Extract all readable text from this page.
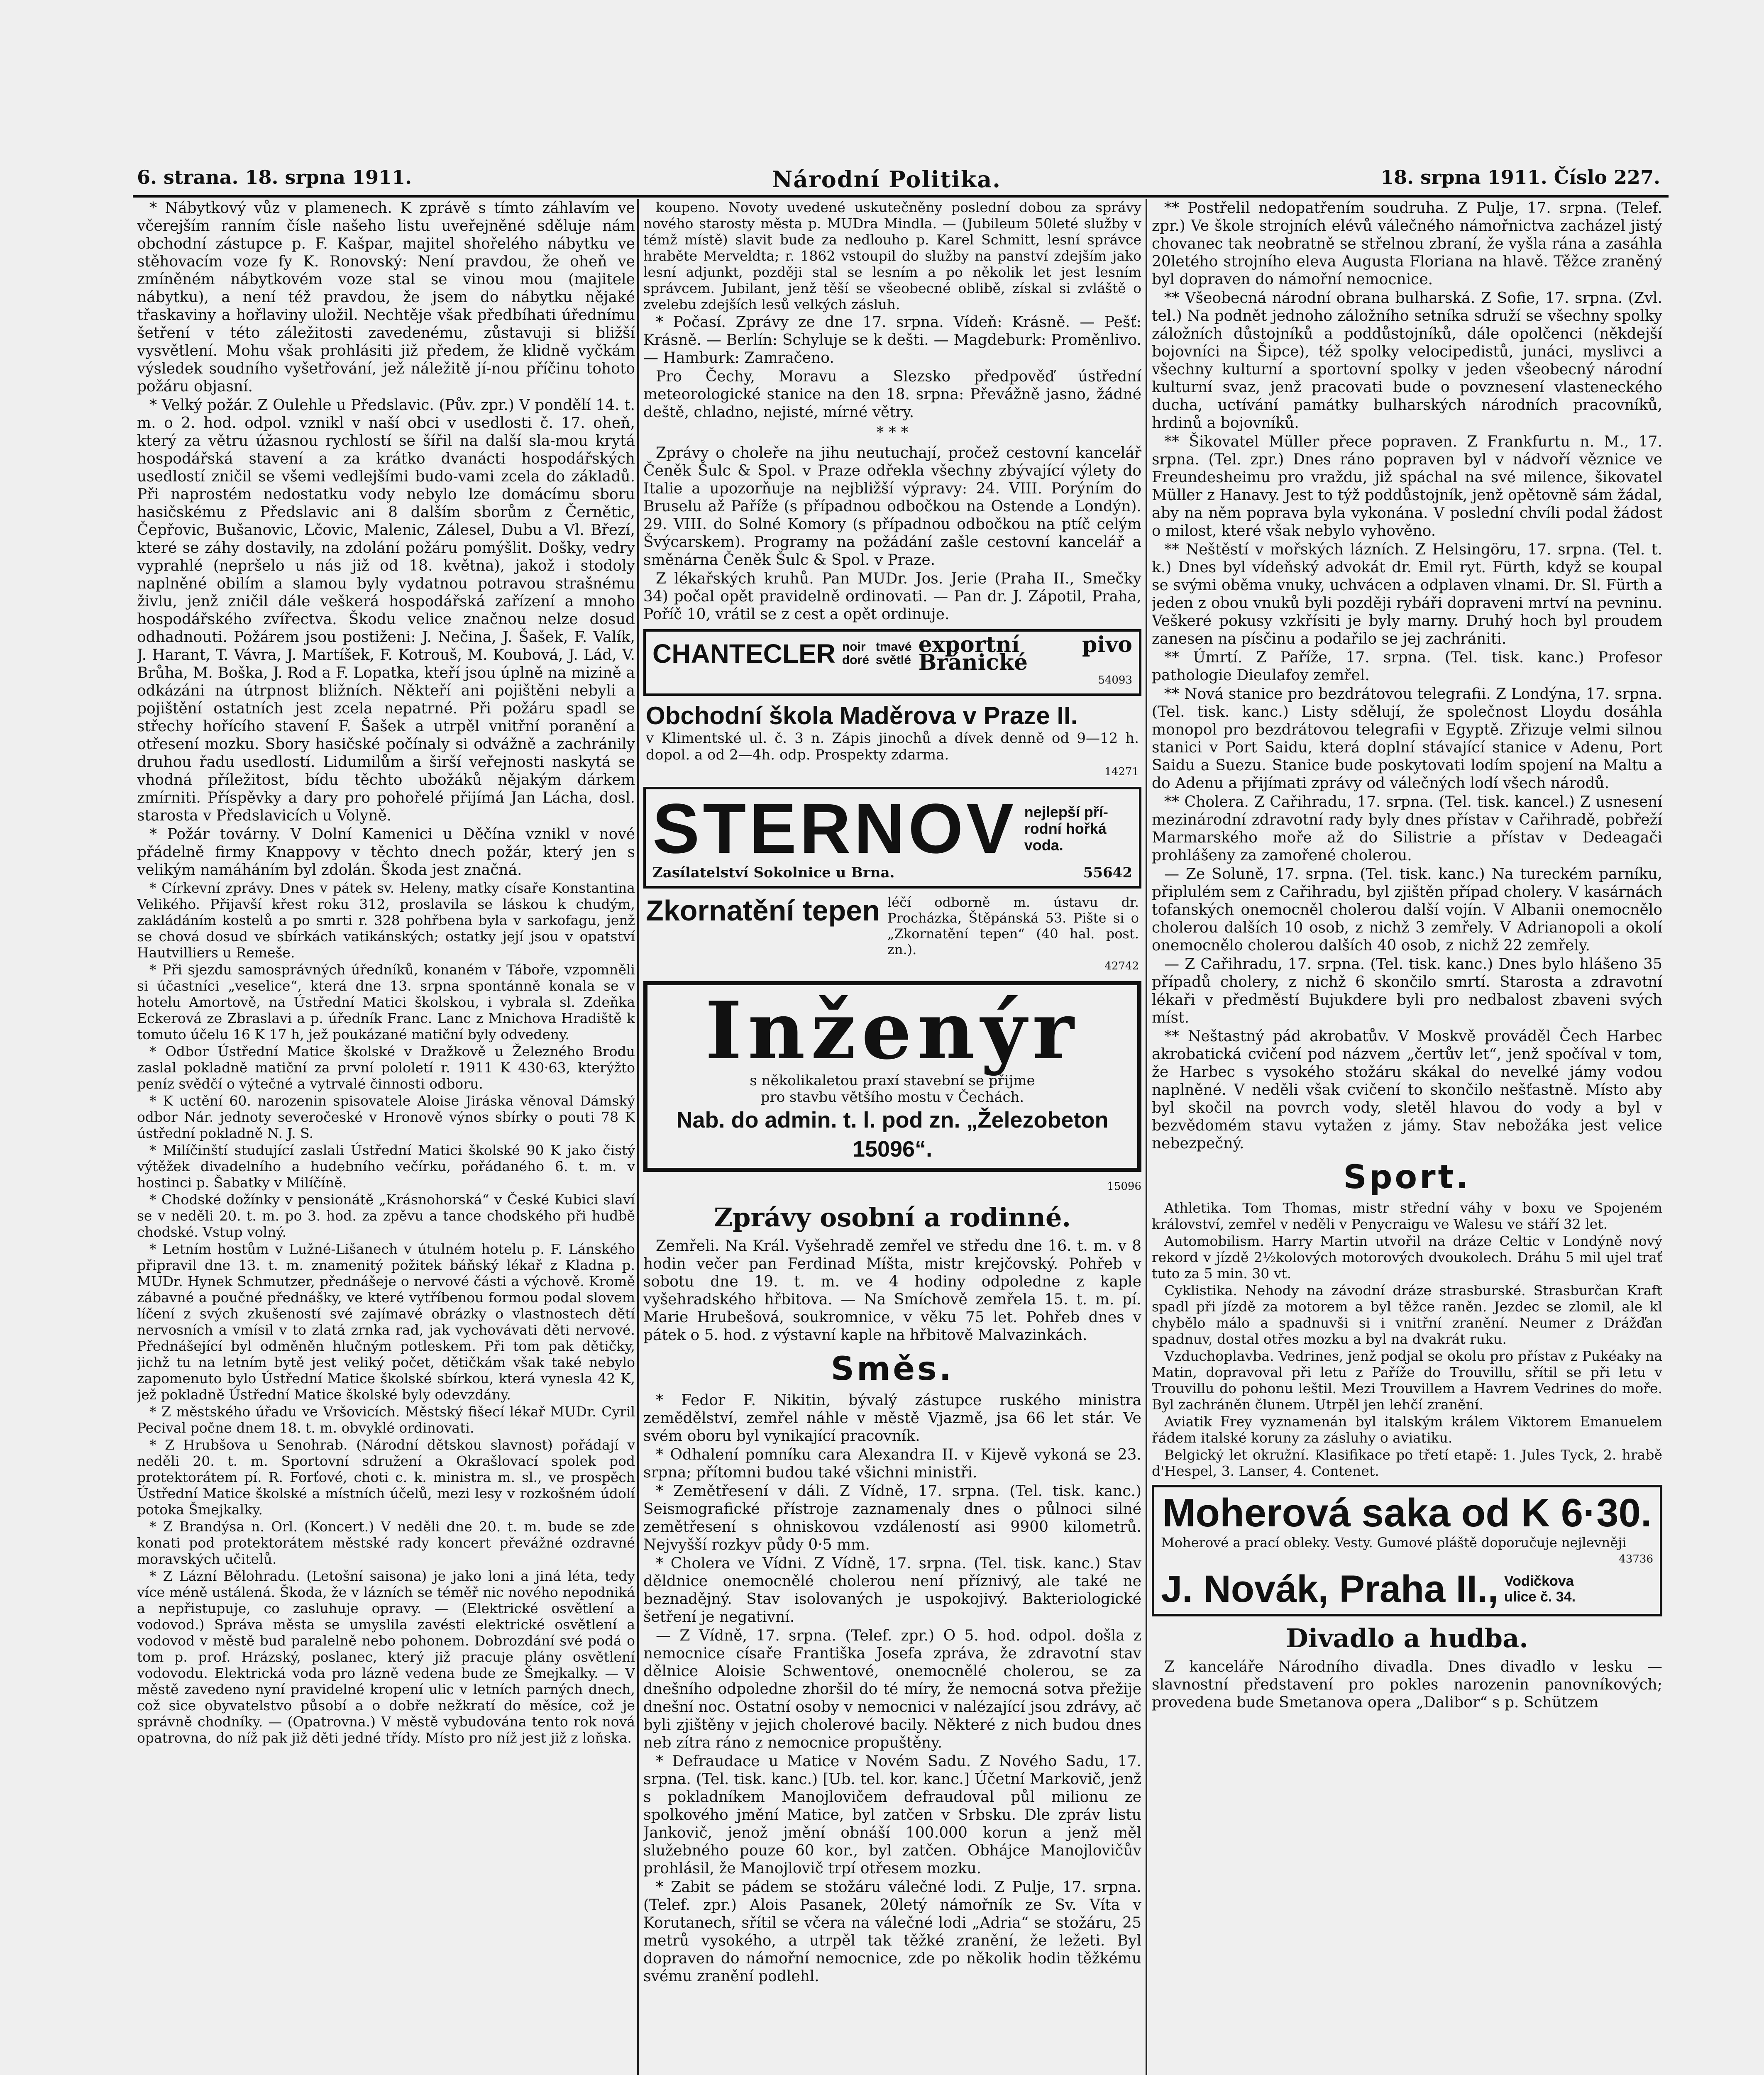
6. strana. 18. srpna 1911.	Národní Politika.	18. srpna 1911. Číslo 227.

* Nábytkový vůz v plamenech. K zprávě s tímto záhlavím ve včerejším ranním čísle našeho listu uveřejněné sděluje nám obchodní zástupce p. F. Kašpar, majitel shořelého nábytku ve stěhovacím voze fy K. Ronovský: Není pravdou, že oheň ve zmíněném nábytkovém voze stal se vinou mou (majitele nábytku), a není též pravdou, že jsem do nábytku nějaké třaskaviny a hořlaviny uložil. Nechtěje však předbíhati úřednímu šetření v této záležitosti zavedenému, zůstavuji si bližší vysvětlení. Mohu však prohlásiti již předem, že klidně vyčkám výsledek soudního vyšetřování, jež náležitě jí-nou příčinu tohoto požáru objasní.

* Velký požár. Z Oulehle u Předslavic. (Pův. zpr.) V pondělí 14. t. m. o 2. hod. odpol. vznikl v naší obci v usedlosti č. 17. oheň, který za větru úžasnou rychlostí se šířil na další sla-mou krytá hospodářská stavení a za krátko dvanácti hospodářských usedlostí zničil se všemi vedlejšími budo-vami zcela do základů. Při naprostém nedostatku vody nebylo lze domácímu sboru hasičskému z Předslavic ani 8 dalším sborům z Černětic, Čepřovic, Bušanovic, Lčovic, Malenic, Zálesel, Dubu a Vl. Březí, které se záhy dostavily, na zdolání požáru pomýšlit. Došky, vedry vyprahlé (nepršelo u nás již od 18. května), jakož i stodoly naplněné obilím a slamou byly vydatnou potravou strašnému živlu, jenž zničil dále veškerá hospodářská zařízení a mnoho hospodářského zvířectva. Škodu velice značnou nelze dosud odhadnouti. Požárem jsou postiženi: J. Nečina, J. Šašek, F. Valík, J. Harant, T. Vávra, J. Martíšek, F. Kotrouš, M. Koubová, J. Lád, V. Brůha, M. Boška, J. Rod a F. Lopatka, kteří jsou úplně na mizině a odkázáni na útrpnost bližních. Někteří ani pojištěni nebyli a pojištění ostatních jest zcela nepatrné. Při požáru spadl se střechy hořícího stavení F. Šašek a utrpěl vnitřní poranění a otřesení mozku. Sbory hasičské počínaly si odvážně a zachránily druhou řadu usedlostí. Lidumilům a širší veřejnosti naskytá se vhodná příležitost, bídu těchto ubožáků nějakým dárkem zmírniti. Příspěvky a dary pro pohořelé přijímá Jan Lácha, dosl. starosta v Předslavicích u Volyně.

* Požár továrny. V Dolní Kamenici u Děčína vznikl v nové přádelně firmy Knappovy v těchto dnech požár, který jen s velikým namáháním byl zdolán. Škoda jest značná.

* Církevní zprávy. Dnes v pátek sv. Heleny, matky císaře Konstantina Velikého. Přijavší křest roku 312, proslavila se láskou k chudým, zakládáním kostelů a po smrti r. 328 pohřbena byla v sarkofagu, jenž se chová dosud ve sbírkách vatikánských; ostatky její jsou v opatství Hautvilliers u Remeše.

* Při sjezdu samosprávných úředníků, konaném v Táboře, vzpomněli si účastníci „veselice“, která dne 13. srpna spontánně konala se v hotelu Amortově, na Ústřední Matici školskou, i vybrala sl. Zdeňka Eckerová ze Zbraslavi a p. úředník Franc. Lanc z Mnichova Hradiště k tomuto účelu 16 K 17 h, jež poukázané matiční byly odvedeny.

* Odbor Ústřední Matice školské v Dražkově u Železného Brodu zaslal pokladně matiční za první pololetí r. 1911 K 430·63, kterýžto peníz svědčí o výtečné a vytrvalé činnosti odboru.

* K uctění 60. narozenin spisovatele Aloise Jiráska věnoval Dámský odbor Nár. jednoty severočeské v Hronově výnos sbírky o pouti 78 K ústřední pokladně N. J. S.

* Milíčinští studující zaslali Ústřední Matici školské 90 K jako čistý výtěžek divadelního a hudebního večírku, pořádaného 6. t. m. v hostinci p. Šabatky v Milíčíně.

* Chodské dožínky v pensionátě „Krásnohorská“ v České Kubici slaví se v neděli 20. t. m. po 3. hod. za zpěvu a tance chodského při hudbě chodské. Vstup volný.

* Letním hostům v Lužné-Lišanech v útulném hotelu p. F. Lánského připravil dne 13. t. m. znamenitý požitek báňský lékař z Kladna p. MUDr. Hynek Schmutzer, přednášeje o nervové části a výchově. Kromě zábavné a poučné přednášky, ve které vytříbenou formou podal slovem líčení z svých zkušeností své zajímavé obrázky o vlastnostech dětí nervosních a vmísil v to zlatá zrnka rad, jak vychovávati děti nervové. Přednášející byl odměněn hlučným potleskem. Při tom pak dětičky, jichž tu na letním bytě jest veliký počet, dětičkám však také nebylo zapomenuto bylo Ústřední Matice školské sbírkou, která vynesla 42 K, jež pokladně Ústřední Matice školské byly odevzdány.

* Z městského úřadu ve Vršovicích. Městský fišecí lékař MUDr. Cyril Pecival počne dnem 18. t. m. obvyklé ordinovati.

* Z Hrubšova u Senohrab. (Národní dětskou slavnost) pořádají v neděli 20. t. m. Sportovní sdružení a Okrašlovací spolek pod protektorátem pí. R. Forťové, choti c. k. ministra m. sl., ve prospěch Ústřední Matice školské a místních účelů, mezi lesy v rozkošném údolí potoka Šmejkalky.

* Z Brandýsa n. Orl. (Koncert.) V neděli dne 20. t. m. bude se zde konati pod protektorátem městské rady koncert převážné ozdravné moravských učitelů.

* Z Lázní Bělohradu. (Letošní saisona) je jako loni a jiná léta, tedy více méně ustálená. Škoda, že v lázních se téměř nic nového nepodniká a nepřistupuje, co zasluhuje opravy. — (Elektrické osvětlení a vodovod.) Správa města se umyslila zavésti elektrické osvětlení a vodovod v městě bud paralelně nebo pohonem. Dobrozdání své podá o tom p. prof. Hrázský, poslanec, který již pracuje plány osvětlení vodovodu. Elektrická voda pro lázně vedena bude ze Šmejkalky. — V městě zavedeno nyní pravidelné kropení ulic v letních parných dnech, což sice obyvatelstvo působí a o dobře nežkratí do měsíce, což je správně chodníky. — (Opatrovna.) V městě vybudována tento rok nová opatrovna, do níž pak již děti jedné třídy. Místo pro níž jest již z loňska.

koupeno. Novoty uvedené uskutečněny poslední dobou za správy nového starosty města p. MUDra Mindla. — (Jubileum 50leté služby v témž místě) slavit bude za nedlouho p. Karel Schmitt, lesní správce hraběte Merveldta; r. 1862 vstoupil do služby na panství zdejším jako lesní adjunkt, později stal se lesním a po několik let jest lesním správcem. Jubilant, jenž těší se všeobecné oblibě, získal si zvláště o zvelebu zdejších lesů velkých zásluh.

* Počasí. Zprávy ze dne 17. srpna. Vídeň: Krásně. — Pešť: Krásně. — Berlín: Schyluje se k dešti. — Magdeburk: Proměnlivo. — Hamburk: Zamračeno.

Pro Čechy, Moravu a Slezsko předpověď ústřední meteorologické stanice na den 18. srpna: Převážně jasno, žádné deště, chladno, nejisté, mírné větry.

* * *

Zprávy o choleře na jihu neutuchají, pročež cestovní kancelář Čeněk Šulc & Spol. v Praze odřekla všechny zbývající výlety do Italie a upozorňuje na nejbližší výpravy: 24. VIII. Porýním do Bruselu až Paříže (s případnou odbočkou na Ostende a Londýn). 29. VIII. do Solné Komory (s případnou odbočkou na ptíč celým Švýcarskem). Programy na požádání zašle cestovní kancelář a směnárna Čeněk Šulc & Spol. v Praze.

Z lékařských kruhů. Pan MUDr. Jos. Jerie (Praha II., Smečky 34) počal opět pravidelně ordinovati. — Pan dr. J. Zápotil, Praha, Poříč 10, vrátil se z cest a opět ordinuje.

CHANTECLER noir
doré
tmavé
světlé
exportní pivo Bránické
54093
Obchodní škola Maděrova v Praze II.
v Klimentské ul. č. 3 n. Zápis jinochů a dívek denně od 9—12 h. dopol. a od 2—4h. odp. Prospekty zdarma.
14271
STERNOV nejlepší pří-
rodní hořká
voda.
Zasílatelství Sokolnice u Brna.	55642
Zkornatění tepen léčí odborně m. ústavu dr. Procházka, Štěpánská 53. Pište si o „Zkornatění tepen“ (40 hal. post. zn.).
42742
Inženýr
s několikaletou praxí stavební se přijme
pro stavbu většího mostu v Čechách.
Nab. do admin. t. l. pod zn. „Železobeton 15096“.
15096
Zprávy osobní a rodinné.

Zemřeli. Na Král. Vyšehradě zemřel ve středu dne 16. t. m. v 8 hodin večer pan Ferdinad Míšta, mistr krejčovský. Pohřeb v sobotu dne 19. t. m. ve 4 hodiny odpoledne z kaple vyšehradského hřbitova. — Na Smíchově zemřela 15. t. m. pí. Marie Hrubešová, soukromnice, v věku 75 let. Pohřeb dnes v pátek o 5. hod. z výstavní kaple na hřbitově Malvazinkách.

Směs.

* Fedor F. Nikitin, bývalý zástupce ruského ministra zemědělství, zemřel náhle v městě Vjazmě, jsa 66 let stár. Ve svém oboru byl vynikající pracovník.

* Odhalení pomníku cara Alexandra II. v Kijevě vykoná se 23. srpna; přítomni budou také všichni ministři.

* Zemětřesení v dáli. Z Vídně, 17. srpna. (Tel. tisk. kanc.) Seismografické přístroje zaznamenaly dnes o půlnoci silné zemětřesení s ohniskovou vzdáleností asi 9900 kilometrů. Nejvyšší rozkyv půdy 0·5 mm.

* Cholera ve Vídni. Z Vídně, 17. srpna. (Tel. tisk. kanc.) Stav děldnice onemocnělé cholerou není příznivý, ale také ne beznadějný. Stav isolovaných je uspokojivý. Bakteriologické šetření je negativní.

— Z Vídně, 17. srpna. (Telef. zpr.) O 5. hod. odpol. došla z nemocnice císaře Františka Josefa zpráva, že zdravotní stav dělnice Aloisie Schwentové, onemocnělé cholerou, se za dnešního odpoledne zhoršil do té míry, že nemocná sotva přežije dnešní noc. Ostatní osoby v nemocnici v nalézající jsou zdrávy, ač byli zjištěny v jejich cholerové bacily. Některé z nich budou dnes neb zítra ráno z nemocnice propuštěny.

* Defraudace u Matice v Novém Sadu. Z Nového Sadu, 17. srpna. (Tel. tisk. kanc.) [Ub. tel. kor. kanc.] Účetní Markovič, jenž s pokladníkem Manojlovičem defraudoval půl milionu ze spolkového jmění Matice, byl zatčen v Srbsku. Dle zpráv listu Jankovič, jenož jmění obnáší 100.000 korun a jenž měl služebného pouze 60 kor., byl zatčen. Obhájce Manojlovičův prohlásil, že Manojlovič trpí otřesem mozku.

* Zabit se pádem se stožáru válečné lodi. Z Pulje, 17. srpna. (Telef. zpr.) Alois Pasanek, 20letý námořník ze Sv. Víta v Korutanech, sřítil se včera na válečné lodi „Adria“ se stožáru, 25 metrů vysokého, a utrpěl tak těžké zranění, že ležeti. Byl dopraven do námořní nemocnice, zde po několik hodin těžkému svému zranění podlehl.

** Postřelil nedopatřením soudruha. Z Pulje, 17. srpna. (Telef. zpr.) Ve škole strojních elévů válečného námořnictva zacházel jistý chovanec tak neobratně se střelnou zbraní, že vyšla rána a zasáhla 20letého strojního eleva Augusta Floriana na hlavě. Těžce zraněný byl dopraven do námořní nemocnice.

** Všeobecná národní obrana bulharská. Z Sofie, 17. srpna. (Zvl. tel.) Na podnět jednoho záložního setníka sdruží se všechny spolky záložních důstojníků a poddůstojníků, dále opolčenci (někdejší bojovníci na Šipce), též spolky velocipedistů, junáci, myslivci a všechny kulturní a sportovní spolky v jeden všeobecný národní kulturní svaz, jenž pracovati bude o povznesení vlasteneckého ducha, uctívání památky bulharských národních pracovníků, hrdinů a bojovníků.

** Šikovatel Müller přece popraven. Z Frankfurtu n. M., 17. srpna. (Tel. zpr.) Dnes ráno popraven byl v nádvoří věznice ve Freundesheimu pro vraždu, již spáchal na své milence, šikovatel Müller z Hanavy. Jest to týž poddůstojník, jenž opětovně sám žádal, aby na něm poprava byla vykonána. V poslední chvíli podal žádost o milost, které však nebylo vyhověno.

** Neštěstí v mořských lázních. Z Helsingöru, 17. srpna. (Tel. t. k.) Dnes byl vídeňský advokát dr. Emil ryt. Fürth, když se koupal se svými oběma vnuky, uchvácen a odplaven vlnami. Dr. Sl. Fürth a jeden z obou vnuků byli později rybáři dopraveni mrtví na pevninu. Veškeré pokusy vzkřísiti je byly marny. Druhý hoch byl proudem zanesen na písčinu a podařilo se jej zachrániti.

** Úmrtí. Z Paříže, 17. srpna. (Tel. tisk. kanc.) Profesor pathologie Dieulafoy zemřel.

** Nová stanice pro bezdrátovou telegrafii. Z Londýna, 17. srpna. (Tel. tisk. kanc.) Listy sdělují, že společnost Lloydu dosáhla monopol pro bezdrátovou telegrafii v Egyptě. Zřizuje velmi silnou stanici v Port Saidu, která doplní stávající stanice v Adenu, Port Saidu a Suezu. Stanice bude poskytovati lodím spojení na Maltu a do Adenu a přijímati zprávy od válečných lodí všech národů.

** Cholera. Z Cařihradu, 17. srpna. (Tel. tisk. kancel.) Z usnesení mezinárodní zdravotní rady byly dnes přístav v Cařihradě, pobřeží Marmarského moře až do Silistrie a přístav v Dedeagači prohlášeny za zamořené cholerou.

— Ze Soluně, 17. srpna. (Tel. tisk. kanc.) Na tureckém parníku, připlulém sem z Cařihradu, byl zjištěn případ cholery. V kasárnách tofanských onemocněl cholerou další vojín. V Albanii onemocnělo cholerou dalších 10 osob, z nichž 3 zemřely. V Adrianopoli a okolí onemocnělo cholerou dalších 40 osob, z nichž 22 zemřely.

— Z Cařihradu, 17. srpna. (Tel. tisk. kanc.) Dnes bylo hlášeno 35 případů cholery, z nichž 6 skončilo smrtí. Starosta a zdravotní lékaři v předměstí Bujukdere byli pro nedbalost zbaveni svých míst.

** Neštastný pád akrobatův. V Moskvě prováděl Čech Harbec akrobatická cvičení pod názvem „čertův let“, jenž spočíval v tom, že Harbec s vysokého stožáru skákal do nevelké jámy vodou naplněné. V neděli však cvičení to skončilo nešťastně. Místo aby byl skočil na povrch vody, sletěl hlavou do vody a byl v bezvědomém stavu vytažen z jámy. Stav nebožáka jest velice nebezpečný.

Sport.

Athletika. Tom Thomas, mistr střední váhy v boxu ve Spojeném království, zemřel v neděli v Penycraigu ve Walesu ve stáří 32 let.

Automobilism. Harry Martin utvořil na dráze Celtic v Londýně nový rekord v jízdě 2½kolových motorových dvoukolech. Dráhu 5 mil ujel trať tuto za 5 min. 30 vt.

Cyklistika. Nehody na závodní dráze strasburské. Strasburčan Kraft spadl při jízdě za motorem a byl těžce raněn. Jezdec se zlomil, ale kl chybělo málo a spadnuvši si i vnitřní zranění. Neumer z Drážďan spadnuv, dostal otřes mozku a byl na dvakrát ruku.

Vzduchoplavba. Vedrines, jenž podjal se okolu pro přístav z Pukéaky na Matin, dopravoval při letu z Paříže do Trouvillu, sřítil se při letu v Trouvillu do pohonu leštil. Mezi Trouvillem a Havrem Vedrines do moře. Byl zachráněn člunem. Utrpěl jen lehčí zranění.

Aviatik Frey vyznamenán byl italským králem Viktorem Emanuelem řádem italské koruny za zásluhy o aviatiku.

Belgický let okružní. Klasifikace po třetí etapě: 1. Jules Tyck, 2. hrabě d'Hespel, 3. Lanser, 4. Contenet.

Moherová saka od K 6·30.
Moherové a prací obleky. Vesty. Gumové pláště doporučuje nejlevněji
43736
J. Novák, Praha II., Vodičkova
ulice č. 34.
Divadlo a hudba.

Z kanceláře Národního divadla. Dnes divadlo v lesku — slavnostní představení pro pokles narozenin panovníkových; provedena bude Smetanova opera „Dalibor“ s p. Schützem
